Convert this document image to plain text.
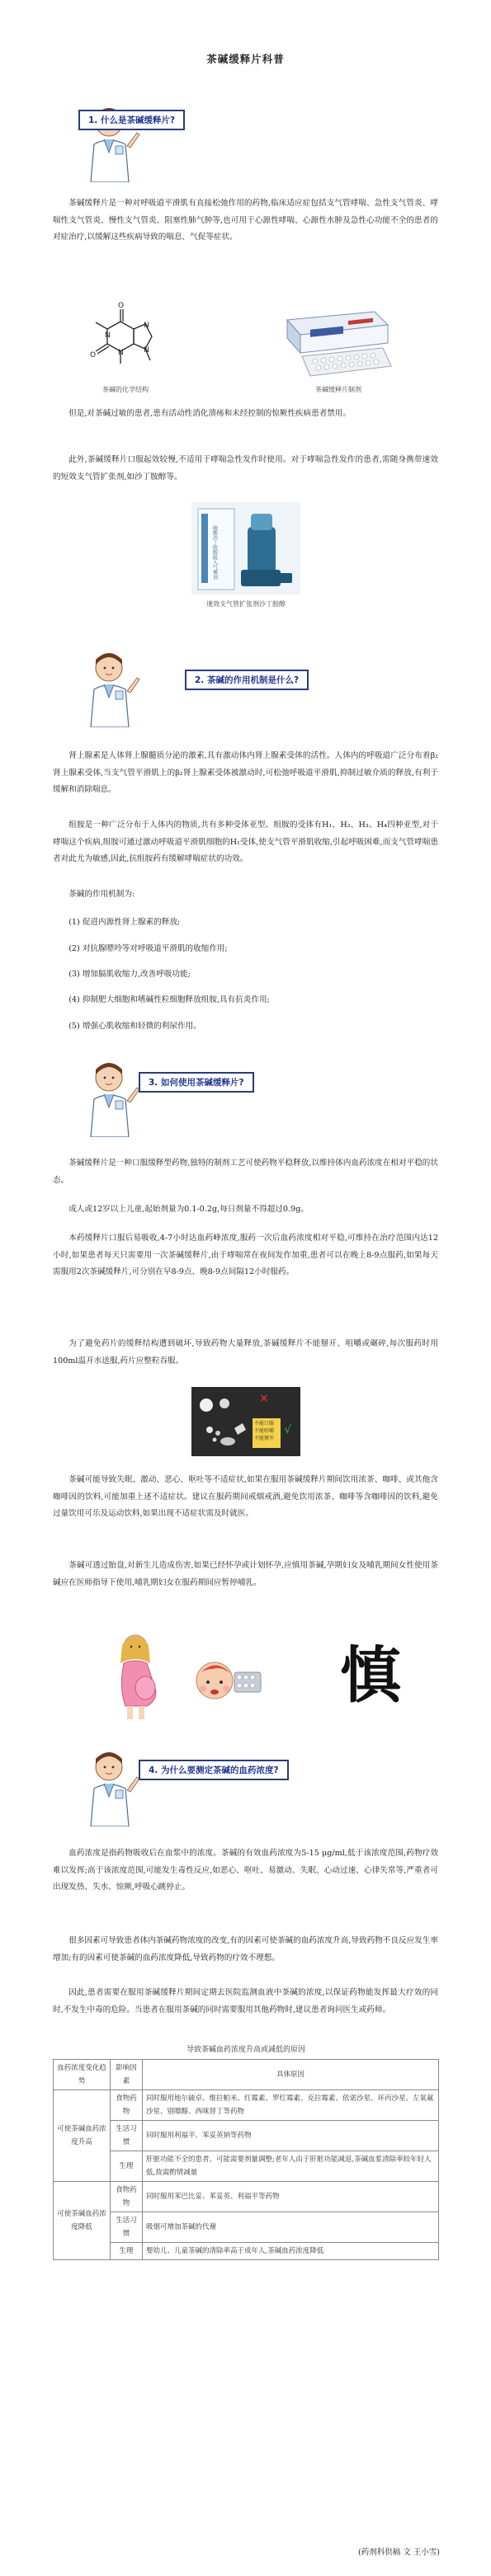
茶碱缓释片科普
1. 什么是茶碱缓释片?
茶碱缓释片是一种对呼吸道平滑肌有直接松弛作用的药物,临床适应症包括支气管哮喘、急性支气管炎、哮喘性支气管炎、慢性支气管炎、阻塞性肺气肿等,也可用于心源性哮喘、心源性水肿及急性心功能不全的患者的对症治疗,以缓解这些疾病导致的喘息、气促等症状。
O
O
N
N
N
N
茶碱的化学结构	茶碱缓释片制剂
但是,对茶碱过敏的患者,患有活动性消化溃疡和未经控制的惊厥性疾病患者禁用。
此外,茶碱缓释片口服起效较慢,不适用于哮喘急性发作时使用。对于哮喘急性发作的患者,需随身携带速效的短效支气管扩张剂,如沙丁胺醇等。
硫酸沙丁胺醇吸入气雾剂
速效支气管扩张剂沙丁胺醇
2. 茶碱的作用机制是什么?
肾上腺素是人体肾上腺髓质分泌的激素,具有激动体内肾上腺素受体的活性。人体内的呼吸道广泛分布着β₂肾上腺素受体,当支气管平滑肌上的β₂肾上腺素受体被激动时,可松弛呼吸道平滑肌,抑制过敏介质的释放,有利于缓解和消除喘息。
组胺是一种广泛分布于人体内的物质,共有多种受体亚型。组胺的受体有H₁、H₂、H₃、H₄四种亚型,对于哮喘这个疾病,组胺可通过激动呼吸道平滑肌细胞的H₁受体,使支气管平滑肌收缩,引起呼吸困难,而支气管哮喘患者对此尤为敏感,因此,抗组胺药有缓解哮喘症状的功效。
茶碱的作用机制为:
(1) 促进内源性肾上腺素的释放;
(2) 对抗腺嘌呤等对呼吸道平滑肌的收缩作用;
(3) 增加膈肌收缩力,改善呼吸功能;
(4) 抑制肥大细胞和嗜碱性粒细胞释放组胺,具有抗炎作用;
(5) 增强心肌收缩和轻微的利尿作用。
3. 如何使用茶碱缓释片?
茶碱缓释片是一种口服缓释型药物,独特的制剂工艺可使药物平稳释放,以维持体内血药浓度在相对平稳的状态。
成人或12岁以上儿童,起始剂量为0.1-0.2g,每日剂量不得超过0.9g。
本药缓释片口服后易吸收,4-7小时达血药峰浓度,服药一次后血药浓度相对平稳,可维持在治疗范围内达12小时,如果患者每天只需要用一次茶碱缓释片,由于哮喘常在夜间发作加重,患者可以在晚上8-9点服药,如果每天需服用2次茶碱缓释片,可分别在早8-9点、晚8-9点间隔12小时服药。
为了避免药片的缓释结构遭到破坏,导致药物大量释放,茶碱缓释片不能掰开、咀嚼或碾碎,每次服药时用100ml温开水送服,药片应整粒吞服。
×
不能口服
不能咀嚼
不能掰开
√
茶碱可能导致失眠、激动、恶心、呕吐等不适症状,如果在服用茶碱缓释片期间饮用浓茶、咖啡、或其他含咖啡因的饮料,可能加重上述不适症状。建议在服药期间戒烟戒酒,避免饮用浓茶、咖啡等含咖啡因的饮料,避免过量饮用可乐及运动饮料,如果出现不适症状需及时就医。
茶碱可透过胎盘,对新生儿造成伤害,如果已经怀孕或计划怀孕,应慎用茶碱,孕期妇女及哺乳期间女性使用茶碱应在医师指导下使用,哺乳期妇女在服药期间应暂停哺乳。
慎
4. 为什么要测定茶碱的血药浓度?
血药浓度是指药物吸收后在血浆中的浓度。茶碱的有效血药浓度为5-15 μg/ml,低于该浓度范围,药物疗效难以发挥;高于该浓度范围,可能发生毒性反应,如恶心、呕吐、易激动、失眠、心动过速、心律失常等,严重者可出现发热、失水、惊厥,呼吸心跳停止。
很多因素可导致患者体内茶碱药物浓度的改变,有的因素可使茶碱的血药浓度升高,导致药物不良反应发生率增加;有的因素可使茶碱的血药浓度降低,导致药物的疗效不理想。
因此,患者需要在服用茶碱缓释片期间定期去医院监测血液中茶碱的浓度,以保证药物能发挥最大疗效的同时,不发生中毒的危险。当患者在服用茶碱的同时需要服用其他药物时,建议患者询问医生或药师。
导致茶碱血药浓度升高或减低的原因
血药浓度变化趋势	影响因素	具体原因
可使茶碱血药浓度升高	食物药物	同时服用地尔硫卓、维拉帕米、红霉素、罗红霉素、克拉霉素、依诺沙星、环丙沙星、左氧氟沙星、别嘌醇、西咪替丁等药物
	生活习惯	同时服用利福平、苯妥英钠等药物
	生理	肝脏功能不全的患者、可能需要剂量调整;老年人由于肝脏功能减退,茶碱血浆清除率较年轻人低,故需酌情减量
可使茶碱血药浓度降低	食物药物	同时服用苯巴比妥、苯妥英、利福平等药物
	生活习惯	吸烟可增加茶碱的代谢
	生理	婴幼儿、儿童茶碱的清除率高于成年人,茶碱血药浓度降低
(药剂科供稿 文 王小雪)
